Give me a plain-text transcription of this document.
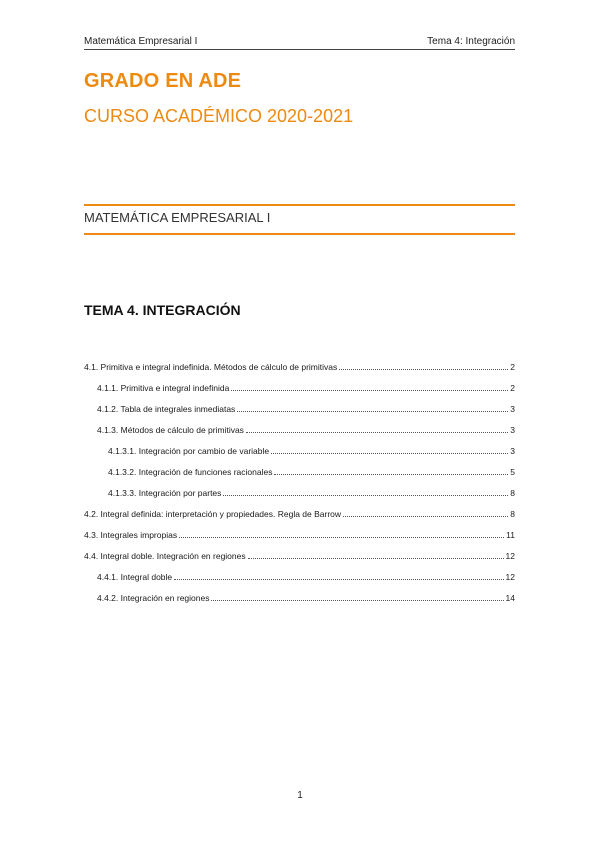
Matemática Empresarial I	Tema 4: Integración
GRADO EN ADE
CURSO ACADÉMICO 2020-2021
MATEMÁTICA EMPRESARIAL I
TEMA 4. INTEGRACIÓN
4.1. Primitiva e integral indefinida. Métodos de cálculo de primitivas	2
4.1.1. Primitiva e integral indefinida	2
4.1.2. Tabla de integrales inmediatas	3
4.1.3. Métodos de cálculo de primitivas	3
4.1.3.1. Integración por cambio de variable	3
4.1.3.2. Integración de funciones racionales	5
4.1.3.3. Integración por partes	8
4.2. Integral definida: interpretación y propiedades. Regla de Barrow	8
4.3. Integrales impropias	11
4.4. Integral doble. Integración en regiones	12
4.4.1. Integral doble	12
4.4.2. Integración en regiones	14
1
